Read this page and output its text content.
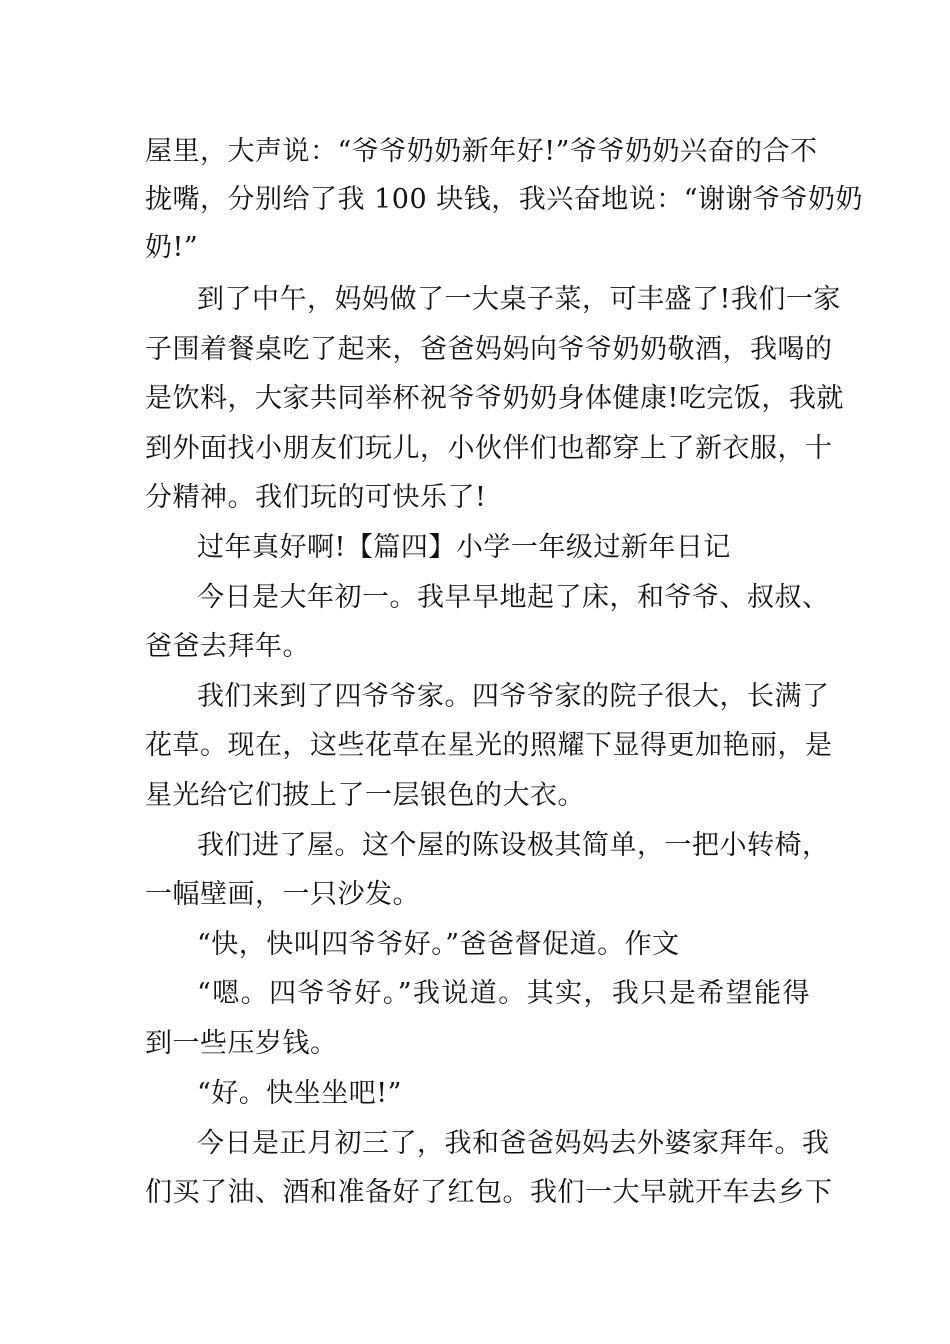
屋里，大声说：“爷爷奶奶新年好!”爷爷奶奶兴奋的合不
拢嘴，分别给了我 100 块钱，我兴奋地说：“谢谢爷爷奶奶
奶!”
到了中午，妈妈做了一大桌子菜，可丰盛了!我们一家
子围着餐桌吃了起来，爸爸妈妈向爷爷奶奶敬酒，我喝的
是饮料，大家共同举杯祝爷爷奶奶身体健康!吃完饭，我就
到外面找小朋友们玩儿，小伙伴们也都穿上了新衣服，十
分精神。我们玩的可快乐了!
过年真好啊!【篇四】小学一年级过新年日记
今日是大年初一。我早早地起了床，和爷爷、叔叔、
爸爸去拜年。
我们来到了四爷爷家。四爷爷家的院子很大，长满了
花草。现在，这些花草在星光的照耀下显得更加艳丽，是
星光给它们披上了一层银色的大衣。
我们进了屋。这个屋的陈设极其简单，一把小转椅，
一幅壁画，一只沙发。
“快，快叫四爷爷好。”爸爸督促道。作文
“嗯。四爷爷好。”我说道。其实，我只是希望能得
到一些压岁钱。
“好。快坐坐吧!”
今日是正月初三了，我和爸爸妈妈去外婆家拜年。我
们买了油、酒和准备好了红包。我们一大早就开车去乡下
